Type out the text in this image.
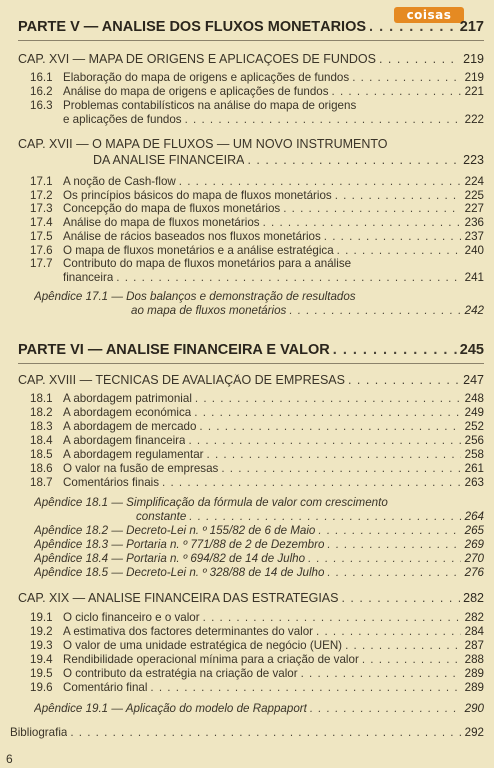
coisas
PARTE V — ANÁLISE DOS FLUXOS MONETÁRIOS . . .	217
CAP. XVI — MAPA DE ORIGENS E APLICAÇÕES DE FUNDOS . . .	219
16.1 Elaboração do mapa de origens e aplicações de fundos . . .	219
16.2 Análise do mapa de origens e aplicações de fundos . . .	221
16.3 Problemas contabilísticos na análise do mapa de origens
e aplicações de fundos . . .	222
CAP. XVII — O MAPA DE FLUXOS — UM NOVO INSTRUMENTO
DA ANÁLISE FINANCEIRA . . .	223
17.1 A noção de Cash-flow . . .	224
17.2 Os princípios básicos do mapa de fluxos monetários . . .	225
17.3 Concepção do mapa de fluxos monetários . . .	227
17.4 Análise do mapa de fluxos monetários . . .	236
17.5 Análise de rácios baseados nos fluxos monetários . . .	237
17.6 O mapa de fluxos monetários e a análise estratégica . . .	240
17.7 Contributo do mapa de fluxos monetários para a análise
financeira . . .	241
Apêndice 17.1 — Dos balanços e demonstração de resultados
ao mapa de fluxos monetários . . .	242
PARTE VI — ANÁLISE FINANCEIRA E VALOR . . .	245
CAP. XVIII — TÉCNICAS DE AVALIAÇÃO DE EMPRESAS . . .	247
18.1 A abordagem patrimonial . . .	248
18.2 A abordagem económica . . .	249
18.3 A abordagem de mercado . . .	252
18.4 A abordagem financeira . . .	256
18.5 A abordagem regulamentar . . .	258
18.6 O valor na fusão de empresas . . .	261
18.7 Comentários finais . . .	263
Apêndice 18.1 — Simplificação da fórmula de valor com crescimento
constante . . .	264
Apêndice 18.2 — Decreto-Lei n. º 155/82 de 6 de Maio . . .	265
Apêndice 18.3 — Portaria n. º 771/88 de 2 de Dezembro . . .	269
Apêndice 18.4 — Portaria n. º 694/82 de 14 de Julho . . .	270
Apêndice 18.5 — Decreto-Lei n. º 328/88 de 14 de Julho . . .	276
CAP. XIX — ANÁLISE FINANCEIRA DAS ESTRATÉGIAS . . .	282
19.1 O ciclo financeiro e o valor . . .	282
19.2 A estimativa dos factores determinantes do valor . . .	284
19.3 O valor de uma unidade estratégica de negócio (UEN) . . .	287
19.4 Rendibilidade operacional mínima para a criação de valor . . .	288
19.5 O contributo da estratégia na criação de valor . . .	289
19.6 Comentário final . . .	289
Apêndice 19.1 — Aplicação do modelo de Rappaport . . .	290
Bibliografia . . .	292
6
